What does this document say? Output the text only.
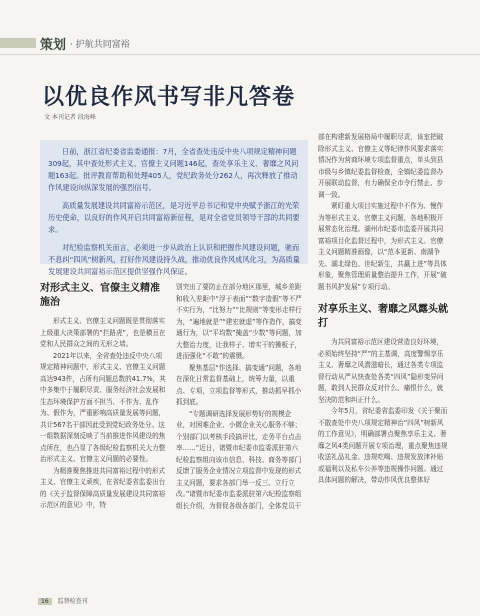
策划 · 护航共同富裕
以优良作风书写非凡答卷
文 本刊记者 段海峰

日前，浙江省纪委省监委通报：7月，全省查处违反中央八项规定精神问题309起，其中查处形式主义、官僚主义问题146起，查处享乐主义、奢靡之风问题163起。批评教育帮助和处理405人，党纪政务处分262人，再次释放了推动作风建设向纵深发展的强烈信号。

高质量发展建设共同富裕示范区，是习近平总书记和党中央赋予浙江的光荣历史使命，以良好的作风开启共同富裕新征程，是对全省党员领导干部的共同要求。

对纪检监察机关而言，必须进一步从政治上认识和把握作风建设问题，驰而不息纠“四风”树新风，打好作风建设持久战，推动优良作风成风化习，为高质量发展建设共同富裕示范区提供坚强作风保证。

对形式主义、官僚主义精准施治

形式主义、官僚主义问题既是贯彻落实上级重大决策部署的“拦路虎”，也是横亘在党和人民群众之间的无形之墙。

2021年以来，全省查处违反中央八项规定精神问题中，形式主义、官僚主义问题高达943件，占所有问题总数的41.7%，其中多集中于履职尽责、服务经济社会发展和生态环境保护方面不担当、不作为、乱作为、假作为，严重影响高质量发展等问题，共计567名干部因此受到党纪政务处分。这一组数据深刻反映了当前推进作风建设的焦点所在，也凸显了各级纪检监察机关大力整治形式主义、官僚主义问题的必要性。

为精准聚焦推进共同富裕过程中的形式主义、官僚主义顽疾，在省纪委省监委出台的《关于监督保障高质量发展建设共同富裕示范区的意见》中，特

别突出了要防止在部分地区那里，城乡差距和收入差距中“浮于表面”“数字造假”等不严不实行为，“比努力”“比规则”等变形走样行为，“遍地就是”“建宏就虚”等作造作，搞变通行为，以“平均数”掩盖“少数”等问题，加大整治力度，让我样子、增实干的操板子，进而强化“不敢”的震慑。

聚焦基层“作选择、搞变通”问题，各地在深化日常监督基础上，统筹力量，以重点、专项，立项监督等形式，推动抓早抓小抓到底。

“专题调研选择发展形势好的规模企业，对困难企业、小微企业关心服务不够；个别部门以考核手段搞评比，走务平台点击率……”近日，诸暨市纪委市监委派驻第六纪检监察组向该市信息、科技、商务等部门反馈了服务企业情况立项监督中发现的形式主义问题，要求各部门举一反三、立行立改。”诸暨市纪委市监委派驻第六纪检监察组组长介绍，为督促各级各部门，全体党员干

部在构建新发展格局中履职尽责，该室把破除形式主义、官僚主义等纪律作风要求落实情况作为营商环境专项监督重点，单头到县市级与乡镇纪委监督检查，全镇纪委监督办开展联动监督，有力确保全市令行禁止、步调一致。

紧盯重大项目实施过程中不作为、慢作为等形式主义、官僚主义问题，各地积极开展常态化治理。湖州市纪委市监委开展共同富裕项目化监督过程中，为形式主义、官僚主义问题精准画像，以“范本更新、南湖争先、湖北绿色、世纪新生，共赢上进”等具体形象，聚焦管理质量整治提升工作，开展“破题书风护发展”专项行动。

对享乐主义、奢靡之风露头就打

为共同富裕示范区建设营造良好环境，必须始终坚持“严”的主基调，高度警惕享乐主义、奢靡之风潜滋暗长，通过各类专项监督行动从严从快查处各类“四风”隐形变异问题，敢到人民群众反对什么、痛恨什么，就坚决防范和纠正什么。

今年5月，省纪委省监委印发《关于聚而不散查处中央八项规定精神治“四风”树新风的工作意见》，明确部署点聚焦享乐主义、奢靡之风4类问题开展专项治理，重点聚焦违规收送礼品礼金、违规吃喝、违规发放津补贴或福利以及私车公养等违规操作问题。通过具体问题的解决，带动作风优良整体好

16 监督检查刊
